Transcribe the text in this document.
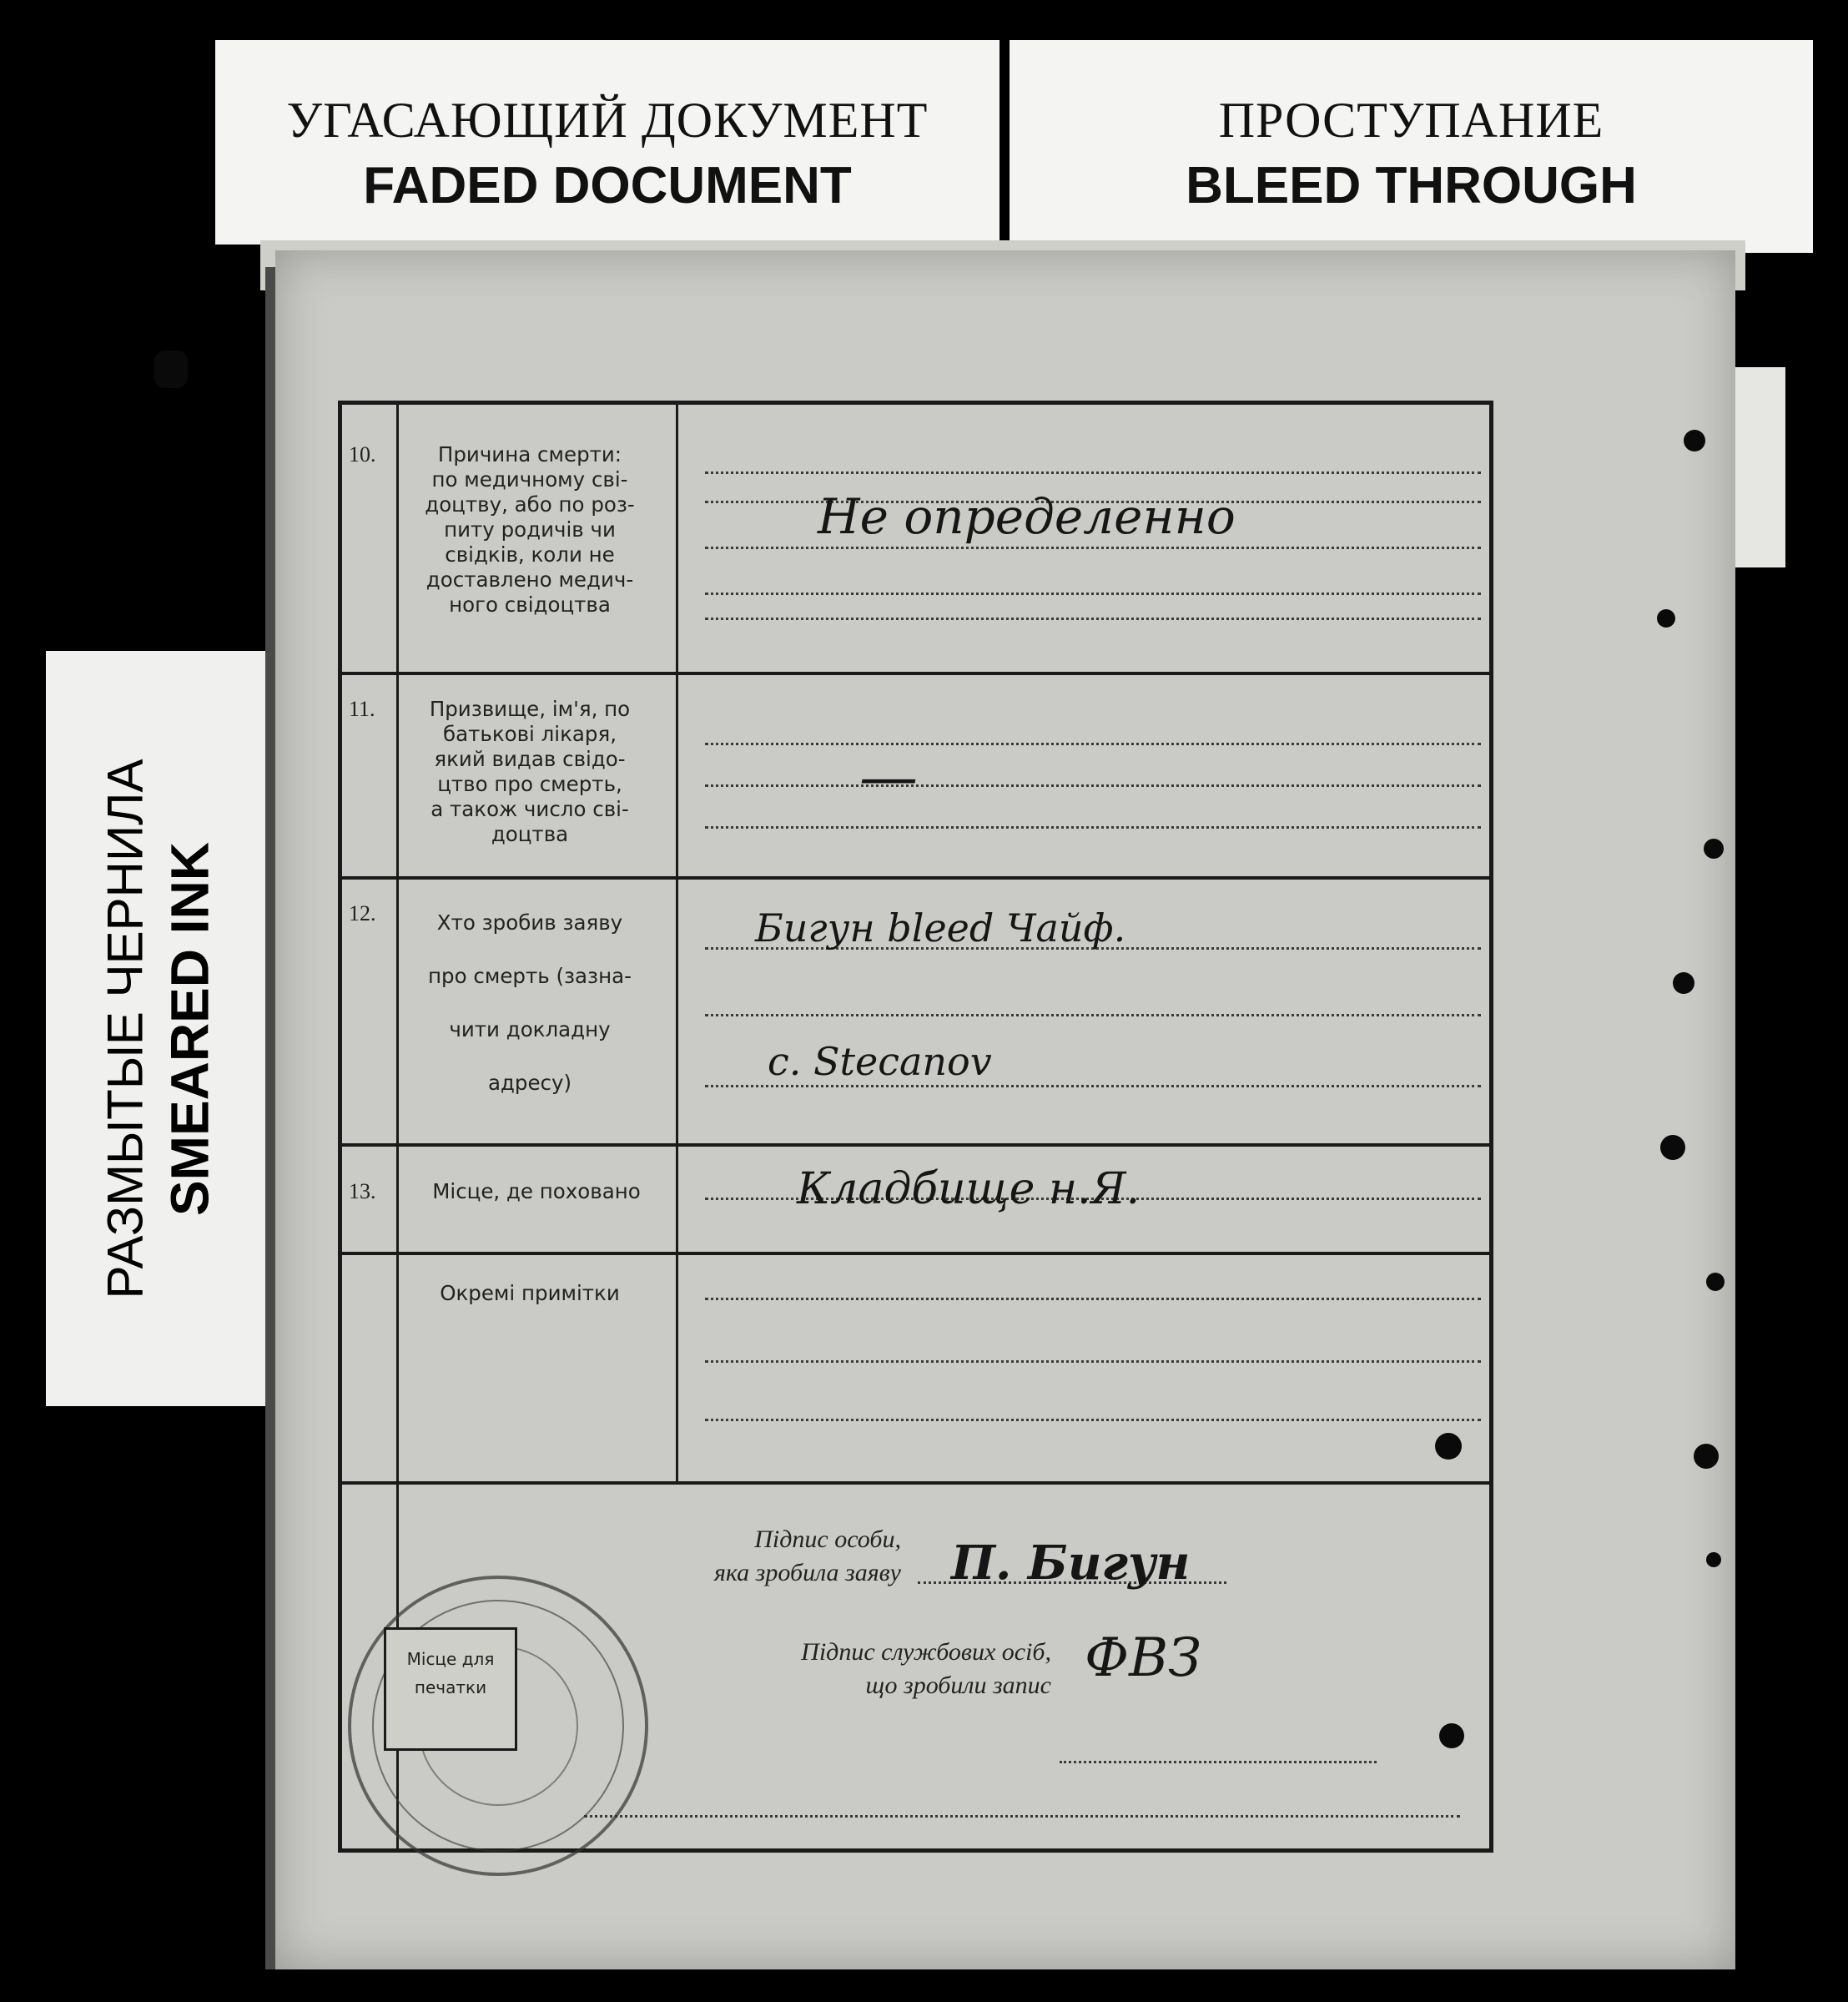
УГАСАЮЩИЙ ДОКУМЕНТ
FADED DOCUMENT
ПРОСТУПАНИЕ
BLEED THROUGH
РАЗМЫТЫЕ ЧЕРНИЛА SMEARED INK
10.
11.
12.
13.
Причина смерти:
по медичному сві-
доцтву, або по роз-
питу родичів чи
свідків, коли не
доставлено медич-
ного свідоцтва
Призвище, ім'я, по
батькові лікаря,
який видав свідо-
цтво про смерть,
а також число сві-
доцтва
Хто зробив заяву

про смерть (зазна-

чити докладну

адресу)
Місце, де поховано
Окремі примітки
Не определенно
—
Бигун bleed Чайф.
с. Stecanov
Кладбище н.Я.
Підпис особи,
яка зробила заяву П. Бигун
Підпис службових осіб,
що зробили запис ФВЗ
Місце для
печатки
